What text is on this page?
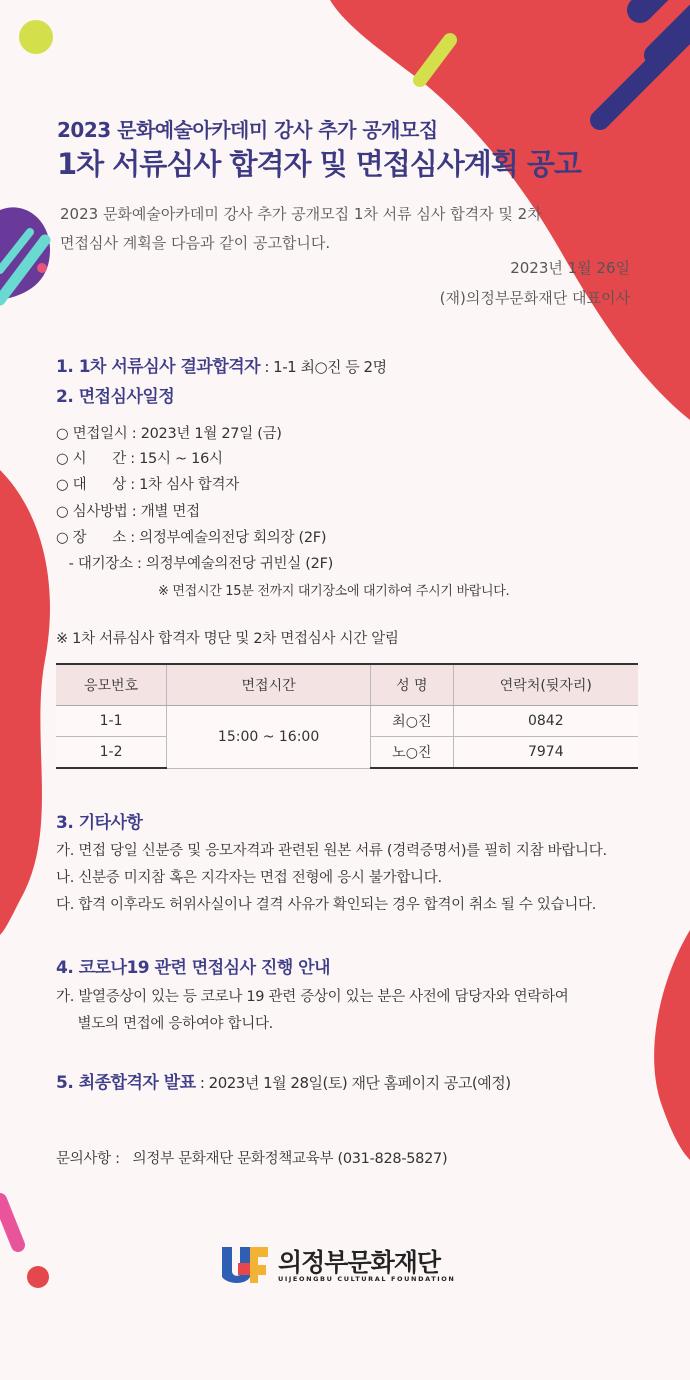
2023 문화예술아카데미 강사 추가 공개모집

1차 서류심사 합격자 및 면접심사계획 공고
2023 문화예술아카데미 강사 추가 공개모집 1차 서류 심사 합격자 및 2차
면접심사 계획을 다음과 같이 공고합니다.
2023년 1월 26일
(재)의정부문화재단 대표이사
1. 1차 서류심사 결과합격자 : 1-1 최○진 등 2명
2. 면접심사일정
○ 면접일시 : 2023년 1월 27일 (금)
○ 시      간 : 15시 ~ 16시
○ 대      상 : 1차 심사 합격자
○ 심사방법 : 개별 면접
○ 장      소 : 의정부예술의전당 회의장 (2F)
- 대기장소 : 의정부예술의전당 귀빈실 (2F)
※ 면접시간 15분 전까지 대기장소에 대기하여 주시기 바랍니다.
※ 1차 서류심사 합격자 명단 및 2차 면접심사 시간 알림
응모번호	면접시간	성 명	연락처(뒷자리)
1-1	15:00 ~ 16:00	최○진	0842
1-2		노○진	7974
3. 기타사항
가. 면접 당일 신분증 및 응모자격과 관련된 원본 서류 (경력증명서)를 필히 지참 바랍니다.
나. 신분증 미지참 혹은 지각자는 면접 전형에 응시 불가합니다.
다. 합격 이후라도 허위사실이나 결격 사유가 확인되는 경우 합격이 취소 될 수 있습니다.
4. 코로나19 관련 면접심사 진행 안내
가. 발열증상이 있는 등 코로나 19 관련 증상이 있는 분은 사전에 담당자와 연락하여
별도의 면접에 응하여야 합니다.
5. 최종합격자 발표 : 2023년 1월 28일(토) 재단 홈페이지 공고(예정)
문의사항 :   의정부 문화재단 문화정책교육부 (031-828-5827)
의정부문화재단
UIJEONGBU CULTURAL FOUNDATION
